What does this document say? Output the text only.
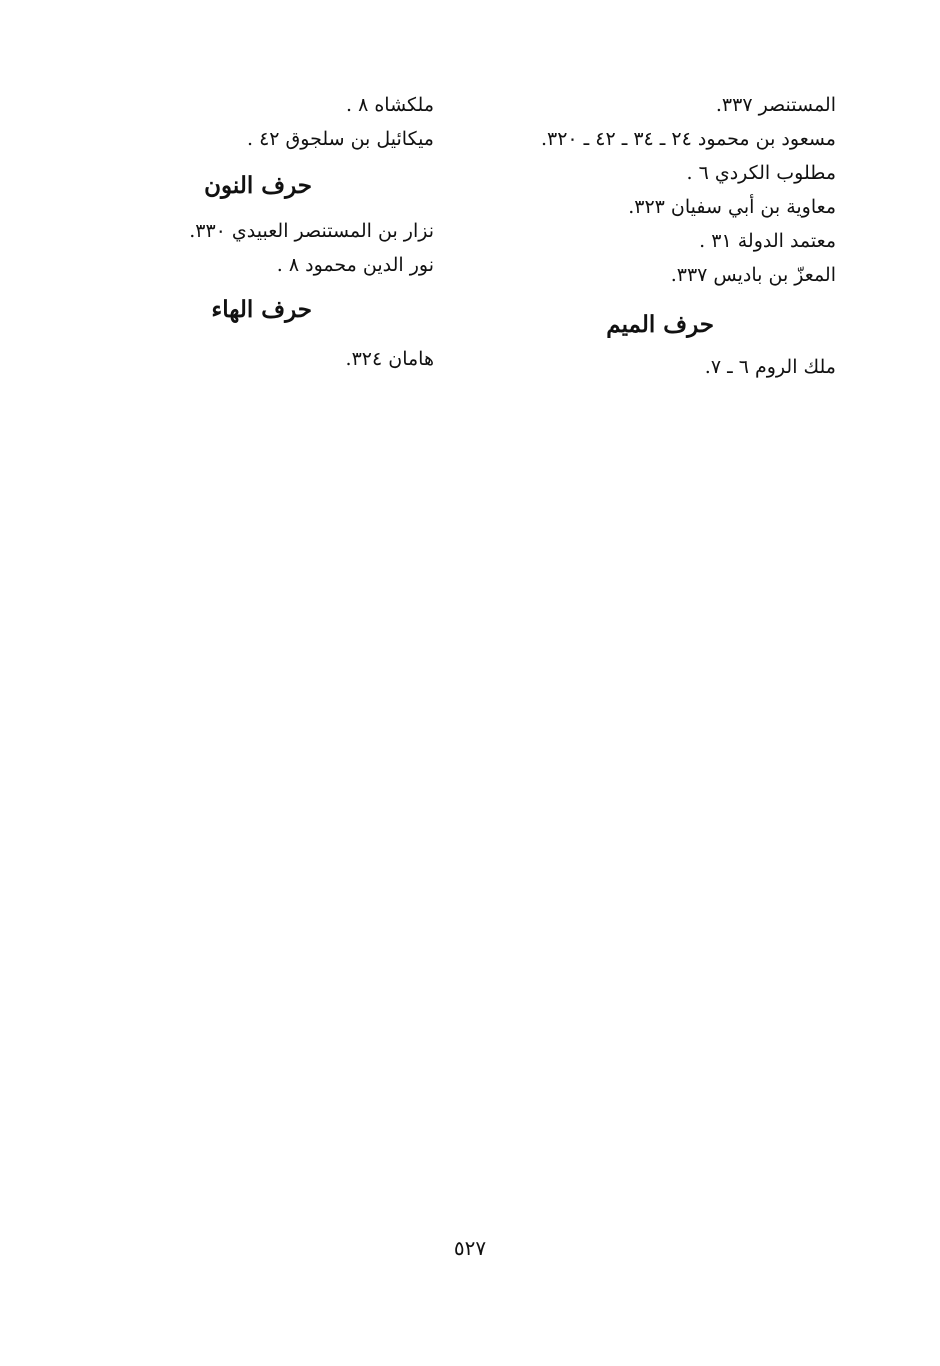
المستنصر ٣٣٧.
مسعود بن محمود ٢٤ ـ ٣٤ ـ ٤٢ ـ ٣٢٠.
مطلوب الكردي ٦ .
معاوية بن أبي سفيان ٣٢٣.
معتمد الدولة ٣١ .
المعزّ بن باديس ٣٣٧.
حرف الميم
ملك الروم ٦ ـ ٧.
ملكشاه ٨ .
ميكائيل بن سلجوق ٤٢ .
حرف النون
نزار بن المستنصر العبيدي ٣٣٠.
نور الدين محمود ٨ .
حرف الهاء
هامان ٣٢٤.
٥٢٧
